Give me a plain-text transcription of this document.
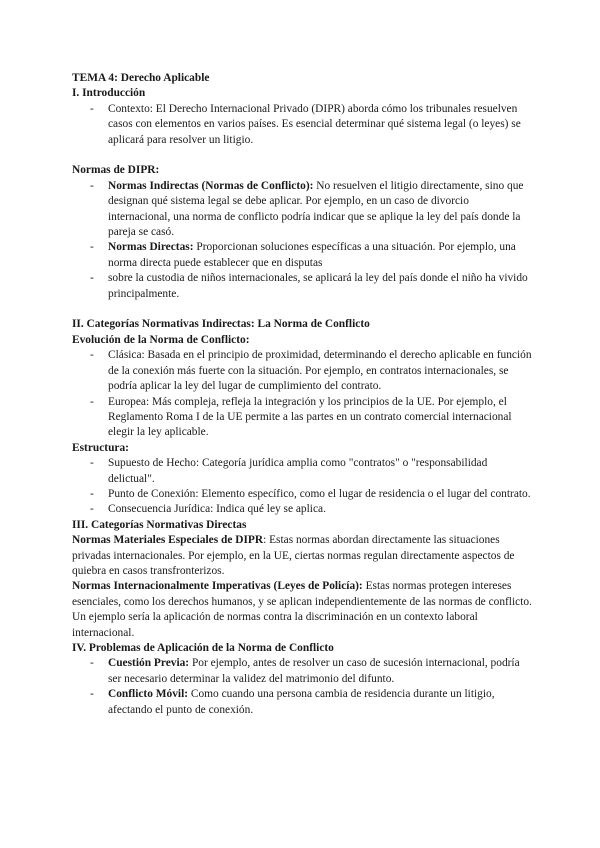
TEMA 4: Derecho Aplicable

I. Introducción

- Contexto: El Derecho Internacional Privado (DIPR) aborda cómo los tribunales resuelven casos con elementos en varios países. Es esencial determinar qué sistema legal (o leyes) se aplicará para resolver un litigio.

Normas de DIPR:

- Normas Indirectas (Normas de Conflicto): No resuelven el litigio directamente, sino que designan qué sistema legal se debe aplicar. Por ejemplo, en un caso de divorcio internacional, una norma de conflicto podría indicar que se aplique la ley del país donde la pareja se casó.
- Normas Directas: Proporcionan soluciones específicas a una situación. Por ejemplo, una norma directa puede establecer que en disputas
- sobre la custodia de niños internacionales, se aplicará la ley del país donde el niño ha vivido principalmente.

II. Categorías Normativas Indirectas: La Norma de Conflicto

Evolución de la Norma de Conflicto:

- Clásica: Basada en el principio de proximidad, determinando el derecho aplicable en función de la conexión más fuerte con la situación. Por ejemplo, en contratos internacionales, se podría aplicar la ley del lugar de cumplimiento del contrato.
- Europea: Más compleja, refleja la integración y los principios de la UE. Por ejemplo, el Reglamento Roma I de la UE permite a las partes en un contrato comercial internacional elegir la ley aplicable.

Estructura:

- Supuesto de Hecho: Categoría jurídica amplia como "contratos" o "responsabilidad delictual".
- Punto de Conexión: Elemento específico, como el lugar de residencia o el lugar del contrato.
- Consecuencia Jurídica: Indica qué ley se aplica.

III. Categorías Normativas Directas

Normas Materiales Especiales de DIPR: Estas normas abordan directamente las situaciones privadas internacionales. Por ejemplo, en la UE, ciertas normas regulan directamente aspectos de quiebra en casos transfronterizos.

Normas Internacionalmente Imperativas (Leyes de Policía): Estas normas protegen intereses esenciales, como los derechos humanos, y se aplican independientemente de las normas de conflicto. Un ejemplo sería la aplicación de normas contra la discriminación en un contexto laboral internacional.

IV. Problemas de Aplicación de la Norma de Conflicto

- Cuestión Previa: Por ejemplo, antes de resolver un caso de sucesión internacional, podría ser necesario determinar la validez del matrimonio del difunto.
- Conflicto Móvil: Como cuando una persona cambia de residencia durante un litigio, afectando el punto de conexión.
